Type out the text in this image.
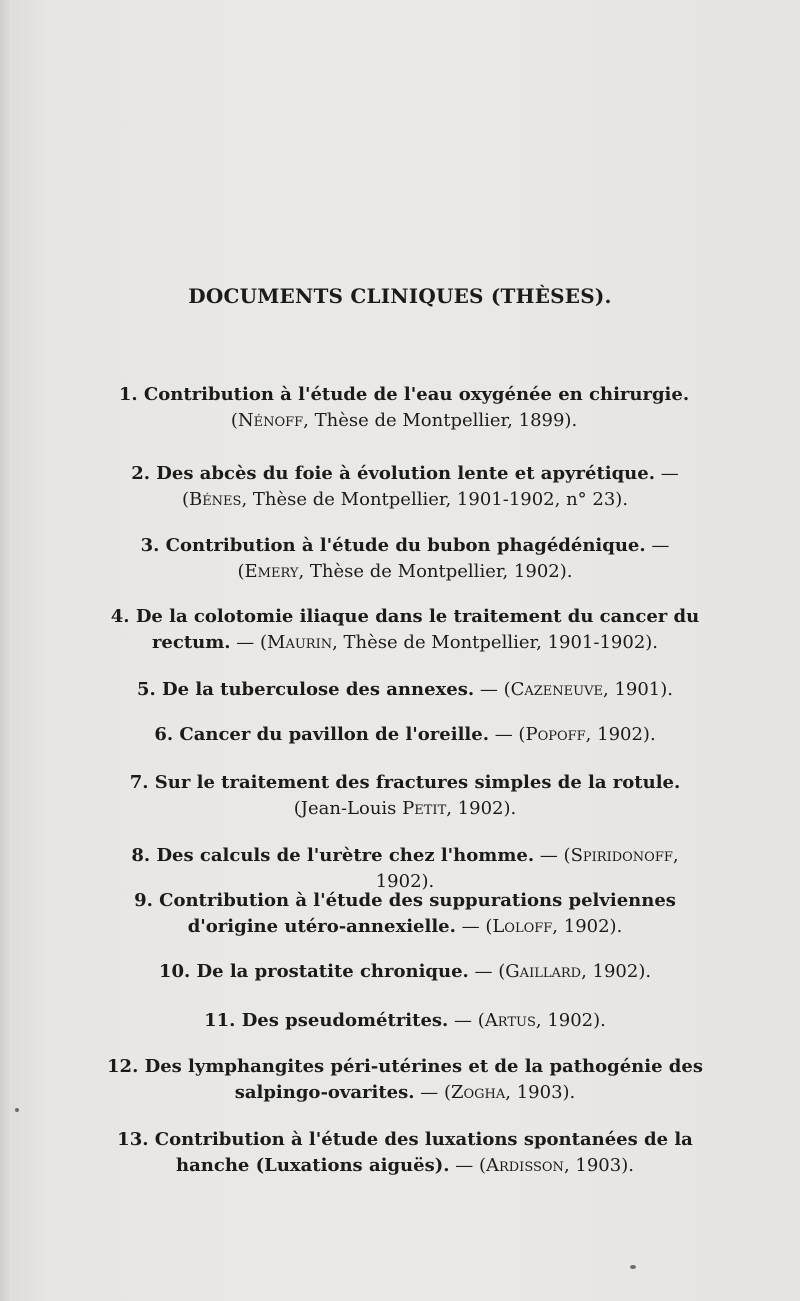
DOCUMENTS CLINIQUES (THÈSES).
1. Contribution à l'étude de l'eau oxygénée en chirurgie.
(Nénoff, Thèse de Montpellier, 1899).
2. Des abcès du foie à évolution lente et apyrétique. — (Bénes, Thèse de Montpellier, 1901-1902, n° 23).
3. Contribution à l'étude du bubon phagédénique. — (Emery, Thèse de Montpellier, 1902).
4. De la colotomie iliaque dans le traitement du cancer du rectum. — (Maurin, Thèse de Montpellier, 1901-1902).
5. De la tuberculose des annexes. — (Cazeneuve, 1901).
6. Cancer du pavillon de l'oreille. — (Popoff, 1902).
7. Sur le traitement des fractures simples de la rotule.
(Jean-Louis Petit, 1902).
8. Des calculs de l'urètre chez l'homme. — (Spiridonoff, 1902).
9. Contribution à l'étude des suppurations pelviennes d'origine utéro-annexielle. — (Loloff, 1902).
10. De la prostatite chronique. — (Gaillard, 1902).
11. Des pseudométrites. — (Artus, 1902).
12. Des lymphangites péri-utérines et de la pathogénie des salpingo-ovarites. — (Zogha, 1903).
13. Contribution à l'étude des luxations spontanées de la hanche (Luxations aiguës). — (Ardisson, 1903).
